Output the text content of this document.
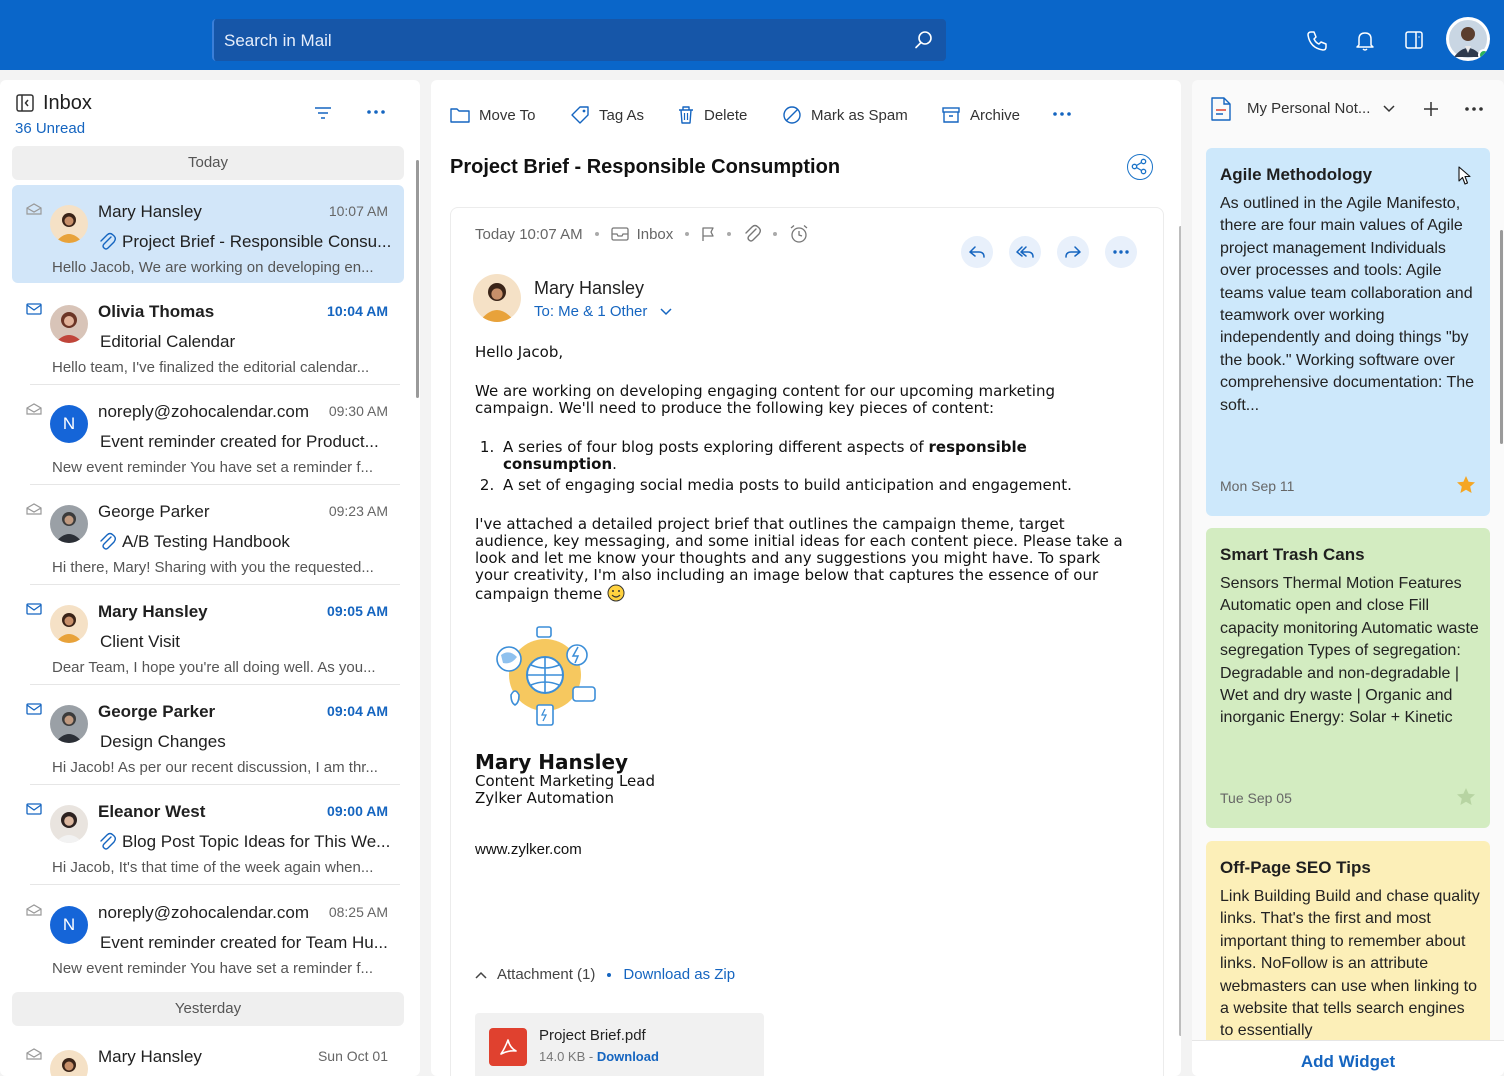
Search in Mail
Inbox
36 Unread
Today
Mary Hansley	10:07 AM
Project Brief - Responsible Consu...
Hello Jacob, We are working on developing en...
Olivia Thomas	10:04 AM
Editorial Calendar
Hello team, I've finalized the editorial calendar...
N
noreply@zohocalendar.com 09:30 AM
Event reminder created for Product...
New event reminder You have set a reminder f...
George Parker	09:23 AM
A/B Testing Handbook
Hi there, Mary! Sharing with you the requested...
Mary Hansley	09:05 AM
Client Visit
Dear Team, I hope you're all doing well. As you...
George Parker	09:04 AM
Design Changes
Hi Jacob! As per our recent discussion, I am thr...
Eleanor West	09:00 AM
Blog Post Topic Ideas for This We...
Hi Jacob, It's that time of the week again when...
N
noreply@zohocalendar.com 08:25 AM
Event reminder created for Team Hu...
New event reminder You have set a reminder f...
Yesterday
Mary Hansley	Sun Oct 01
Move To	Tag As	Delete	Mark as Spam	Archive
Project Brief - Responsible Consumption
Today 10:07 AM	Inbox
Mary Hansley
To: Me & 1 Other

Hello Jacob,

We are working on developing engaging content for our upcoming marketing campaign. We'll need to produce the following key pieces of content:

1. A series of four blog posts exploring different aspects of responsible consumption.
2. A set of engaging social media posts to build anticipation and engagement.

I've attached a detailed project brief that outlines the campaign theme, target audience, key messaging, and some initial ideas for each content piece. Please take a look and let me know your thoughts and any suggestions you might have. To spark your creativity, I'm also including an image below that captures the essence of our campaign theme

Mary Hansley
Content Marketing Lead
Zylker Automation
www.zylker.com
Attachment (1) Download as Zip
Project Brief.pdf
14.0 KB - Download
My Personal Not...
Agile Methodology
As outlined in the Agile Manifesto, there are four main values of Agile project management Individuals over processes and tools: Agile teams value team collaboration and teamwork over working independently and doing things "by the book." Working software over comprehensive documentation: The soft...
Mon Sep 11
Smart Trash Cans
Sensors Thermal Motion Features Automatic open and close Fill capacity monitoring Automatic waste segregation Types of segregation: Degradable and non-degradable | Wet and dry waste | Organic and inorganic Energy: Solar + Kinetic
Tue Sep 05
Off-Page SEO Tips
Link Building Build and chase quality links. That's the first and most important thing to remember about links. NoFollow is an attribute webmasters can use when linking to a website that tells search engines to essentially
Add Widget
